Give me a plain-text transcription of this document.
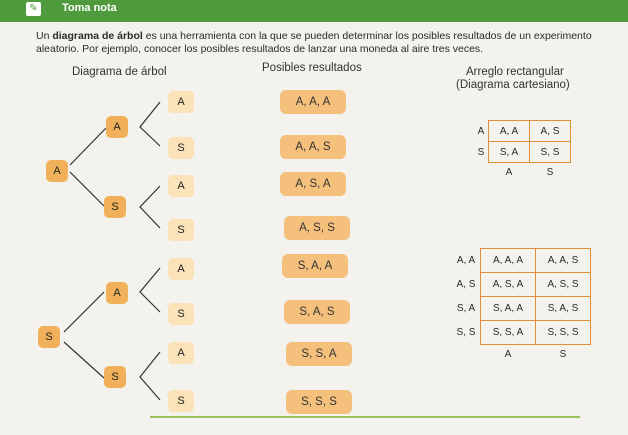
✎	Toma nota
Un diagrama de árbol es una herramienta con la que se pueden determinar los posibles resultados de un experimento aleatorio. Por ejemplo, conocer los posibles resultados de lanzar una moneda al aire tres veces.
Diagrama de árbol	Posibles resultados	Arreglo rectangular
(Diagrama cartesiano)
A
S
A
S
A
S
A
S
A
S
A
S
A
S
A, A, A
A, A, S
A, S, A
A, S, S
S, A, A
S, A, S
S, S, A
S, S, S
A	A, A	A, S
S	S, A	S, S
	A	S
A, A	A, A, A	A, A, S
A, S	A, S, A	A, S, S
S, A	S, A, A	S, A, S
S, S	S, S, A	S, S, S
	A	S
